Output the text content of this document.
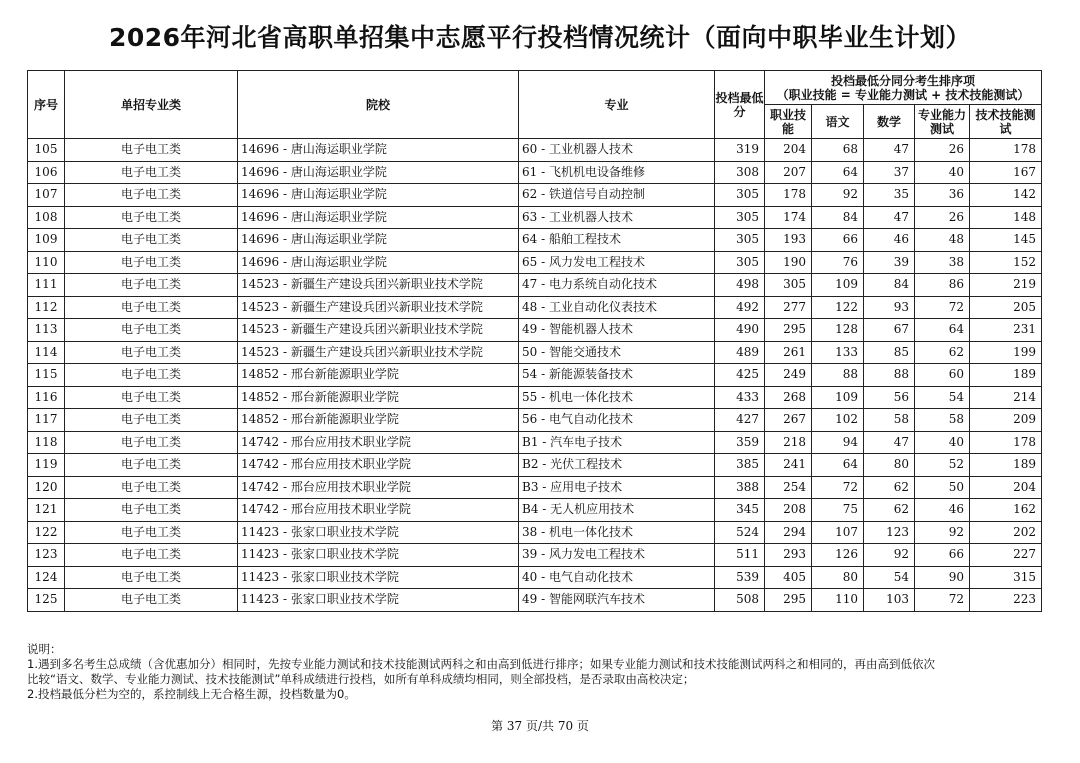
2026年河北省高职单招集中志愿平行投档情况统计（面向中职毕业生计划）
序号	单招专业类	院校	专业	投档最低分	投档最低分同分考生排序项
（职业技能 = 专业能力测试 + 技术技能测试）				

					职业技能	语文	数学	专业能力测试	技术技能测试
105	电子电工类	14696 - 唐山海运职业学院	60 - 工业机器人技术	319	204	68	47	26	178
106	电子电工类	14696 - 唐山海运职业学院	61 - 飞机机电设备维修	308	207	64	37	40	167
107	电子电工类	14696 - 唐山海运职业学院	62 - 铁道信号自动控制	305	178	92	35	36	142
108	电子电工类	14696 - 唐山海运职业学院	63 - 工业机器人技术	305	174	84	47	26	148
109	电子电工类	14696 - 唐山海运职业学院	64 - 船舶工程技术	305	193	66	46	48	145
110	电子电工类	14696 - 唐山海运职业学院	65 - 风力发电工程技术	305	190	76	39	38	152
111	电子电工类	14523 - 新疆生产建设兵团兴新职业技术学院	47 - 电力系统自动化技术	498	305	109	84	86	219
112	电子电工类	14523 - 新疆生产建设兵团兴新职业技术学院	48 - 工业自动化仪表技术	492	277	122	93	72	205
113	电子电工类	14523 - 新疆生产建设兵团兴新职业技术学院	49 - 智能机器人技术	490	295	128	67	64	231
114	电子电工类	14523 - 新疆生产建设兵团兴新职业技术学院	50 - 智能交通技术	489	261	133	85	62	199
115	电子电工类	14852 - 邢台新能源职业学院	54 - 新能源装备技术	425	249	88	88	60	189
116	电子电工类	14852 - 邢台新能源职业学院	55 - 机电一体化技术	433	268	109	56	54	214
117	电子电工类	14852 - 邢台新能源职业学院	56 - 电气自动化技术	427	267	102	58	58	209
118	电子电工类	14742 - 邢台应用技术职业学院	B1 - 汽车电子技术	359	218	94	47	40	178
119	电子电工类	14742 - 邢台应用技术职业学院	B2 - 光伏工程技术	385	241	64	80	52	189
120	电子电工类	14742 - 邢台应用技术职业学院	B3 - 应用电子技术	388	254	72	62	50	204
121	电子电工类	14742 - 邢台应用技术职业学院	B4 - 无人机应用技术	345	208	75	62	46	162
122	电子电工类	11423 - 张家口职业技术学院	38 - 机电一体化技术	524	294	107	123	92	202
123	电子电工类	11423 - 张家口职业技术学院	39 - 风力发电工程技术	511	293	126	92	66	227
124	电子电工类	11423 - 张家口职业技术学院	40 - 电气自动化技术	539	405	80	54	90	315
125	电子电工类	11423 - 张家口职业技术学院	49 - 智能网联汽车技术	508	295	110	103	72	223
说明：
1.遇到多名考生总成绩（含优惠加分）相同时，先按专业能力测试和技术技能测试两科之和由高到低进行排序；如果专业能力测试和技术技能测试两科之和相同的，再由高到低依次
比较“语文、数学、专业能力测试、技术技能测试”单科成绩进行投档，如所有单科成绩均相同，则全部投档，是否录取由高校决定；
2.投档最低分栏为空的，系控制线上无合格生源，投档数量为0。
第 37 页/共 70 页
